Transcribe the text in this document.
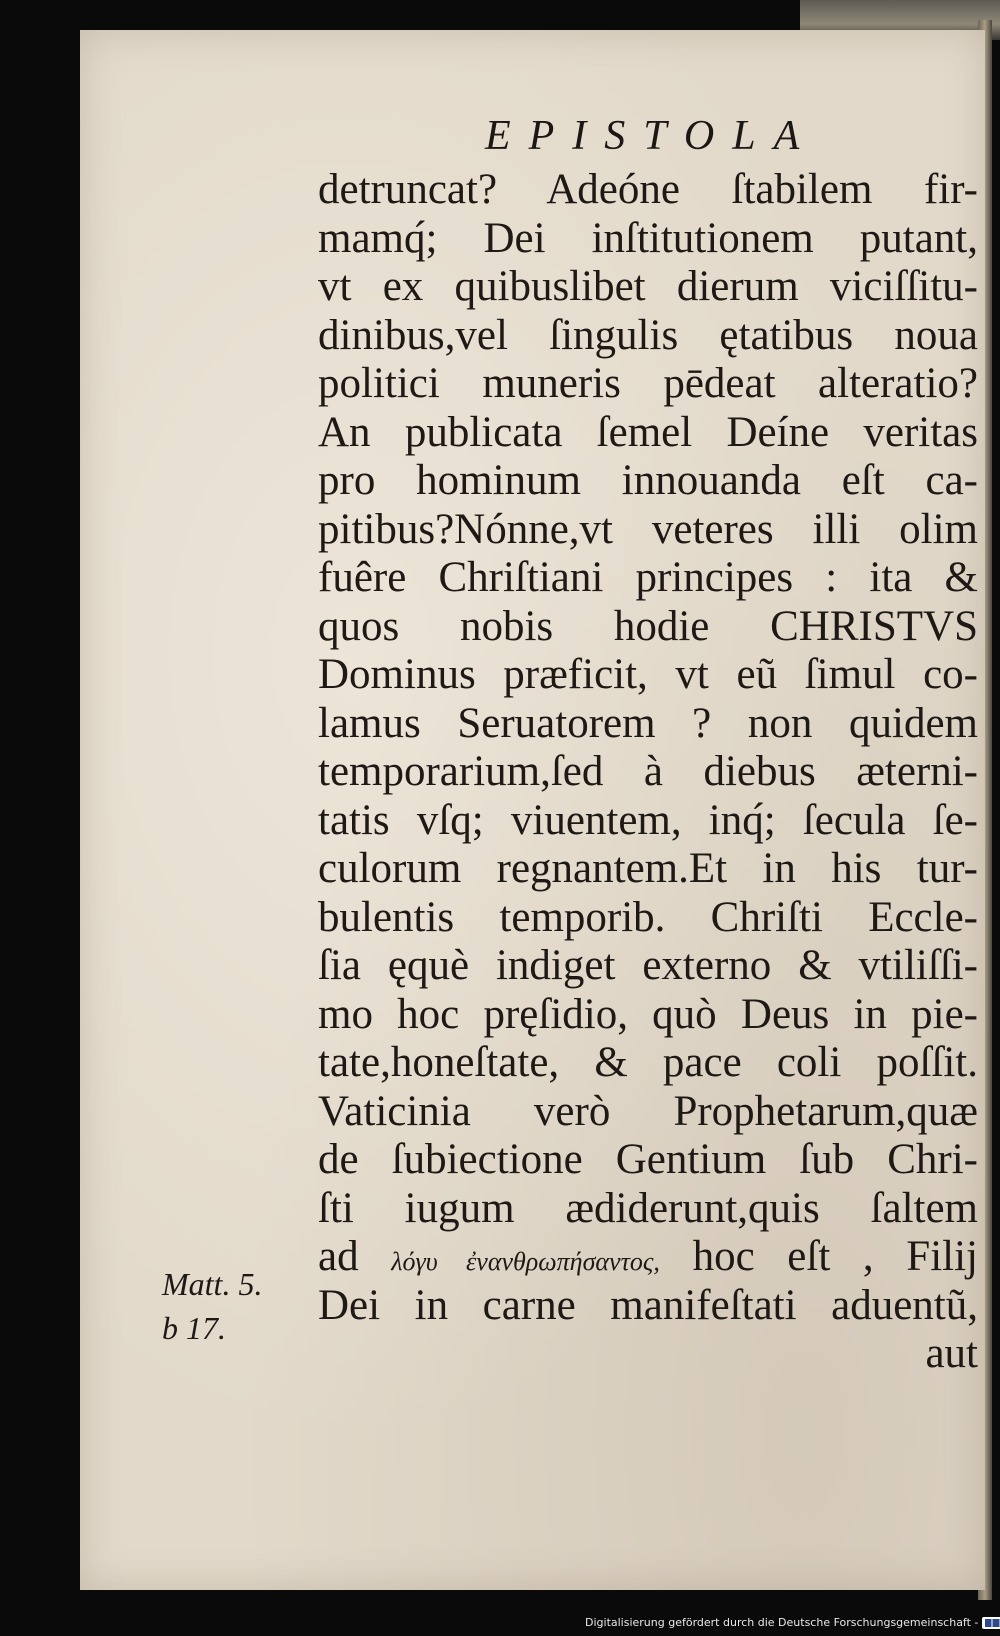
EPISTOLA
detruncat? Adeóne ſtabilem fir-
mamq́; Dei inſtitutionem putant,
vt ex quibuslibet dierum viciſſitu-
dinibus,vel ſingulis ętatibus noua
politici muneris pēdeat alteratio?
An publicata ſemel Deíne veritas
pro hominum innouanda eſt ca-
pitibus?Nónne,vt veteres illi olim
fuêre Chriſtiani principes : ita &
quos nobis hodie CHRISTVS
Dominus præficit, vt eũ ſimul co-
lamus Seruatorem ? non quidem
temporarium,ſed à diebus æterni-
tatis vſq; viuentem, inq́; ſecula ſe-
culorum regnantem.Et in his tur-
bulentis temporib. Chriſti Eccle-
ſia ęquè indiget externo & vtiliſſi-
mo hoc pręſidio, quò Deus in pie-
tate,honeſtate, & pace coli poſſit.
Vaticinia verò Prophetarum,quæ
de ſubiectione Gentium ſub Chri-
ſti iugum ædiderunt,quis ſaltem
ad λόγυ ἐνανθρωπήσαντος, hoc eſt , Filij
Dei in carne manifeſtati aduentũ,
aut
Matt. 5.
b 17.
Digitalisierung gefördert durch die Deutsche Forschungsgemeinschaft -
